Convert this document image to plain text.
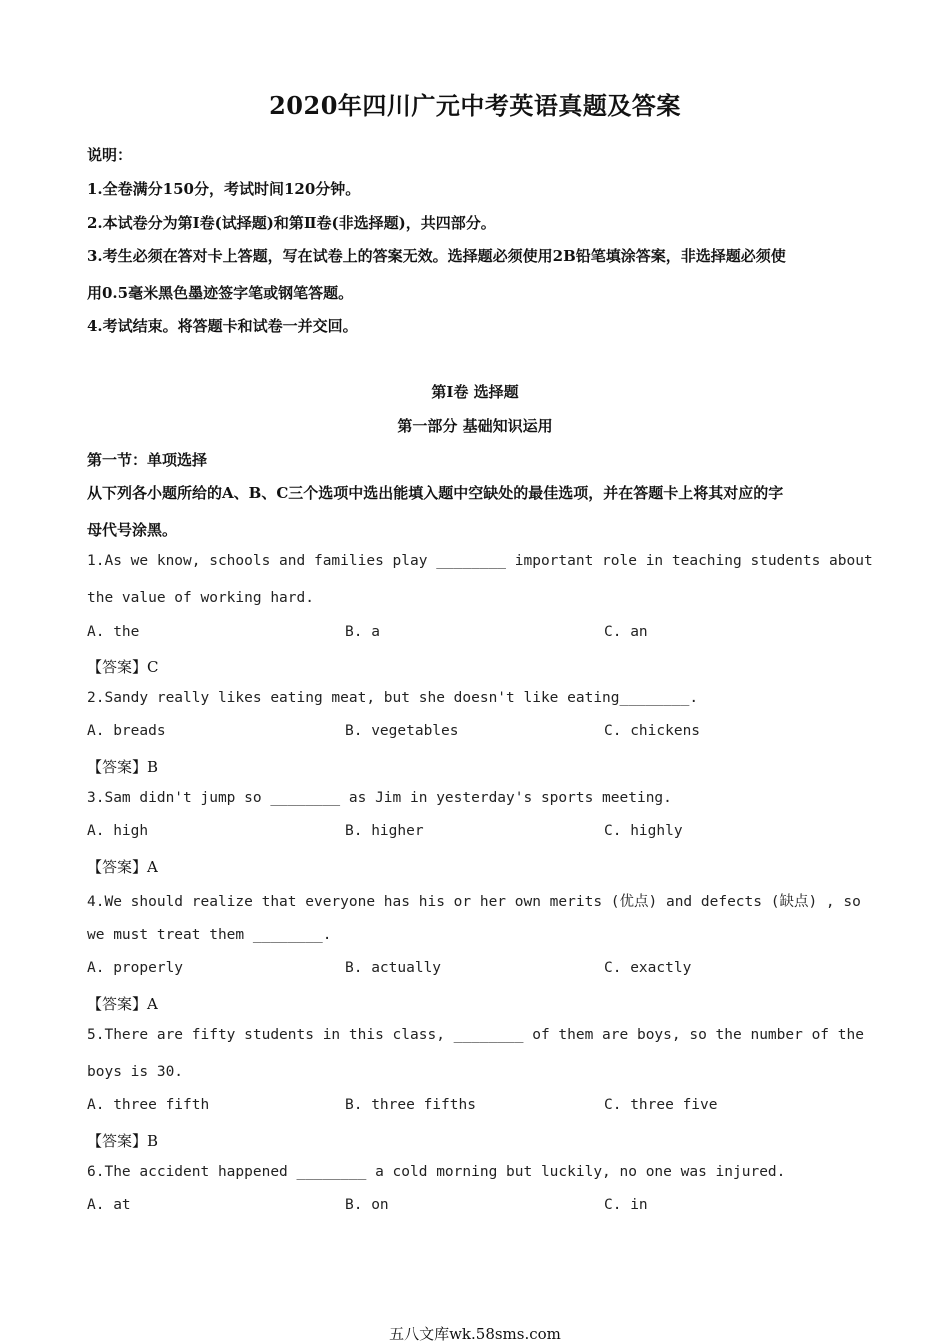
2020年四川广元中考英语真题及答案
说明：
1.全卷满分150分，考试时间120分钟。
2.本试卷分为第Ⅰ卷(试择题)和第Ⅱ卷(非选择题)，共四部分。
3.考生必须在答对卡上答题，写在试卷上的答案无效。选择题必须使用2B铅笔填涂答案，非选择题必须使
用0.5毫米黑色墨迹签字笔或钢笔答题。
4.考试结束。将答题卡和试卷一并交回。
第Ⅰ卷 选择题
第一部分 基础知识运用
第一节：单项选择
从下列各小题所给的A、B、C三个选项中选出能填入题中空缺处的最佳选项，并在答题卡上将其对应的字
母代号涂黑。
1.As we know, schools and families play ________ important role in teaching students about
the value of working hard.
A. the	B. a	C. an
【答案】C
2.Sandy really likes eating meat, but she doesn't like eating________.
A. breads	B. vegetables	C. chickens
【答案】B
3.Sam didn't jump so ________ as Jim in yesterday's sports meeting.
A. high	B. higher	C. highly
【答案】A
4.We should realize that everyone has his or her own merits (优点) and defects (缺点) , so
we must treat them ________.
A. properly	B. actually	C. exactly
【答案】A
5.There are fifty students in this class, ________ of them are boys, so the number of the
boys is 30.
A. three fifth	B. three fifths	C. three five
【答案】B
6.The accident happened ________ a cold morning but luckily, no one was injured.
A. at	B. on	C. in
五八文库wk.58sms.com
